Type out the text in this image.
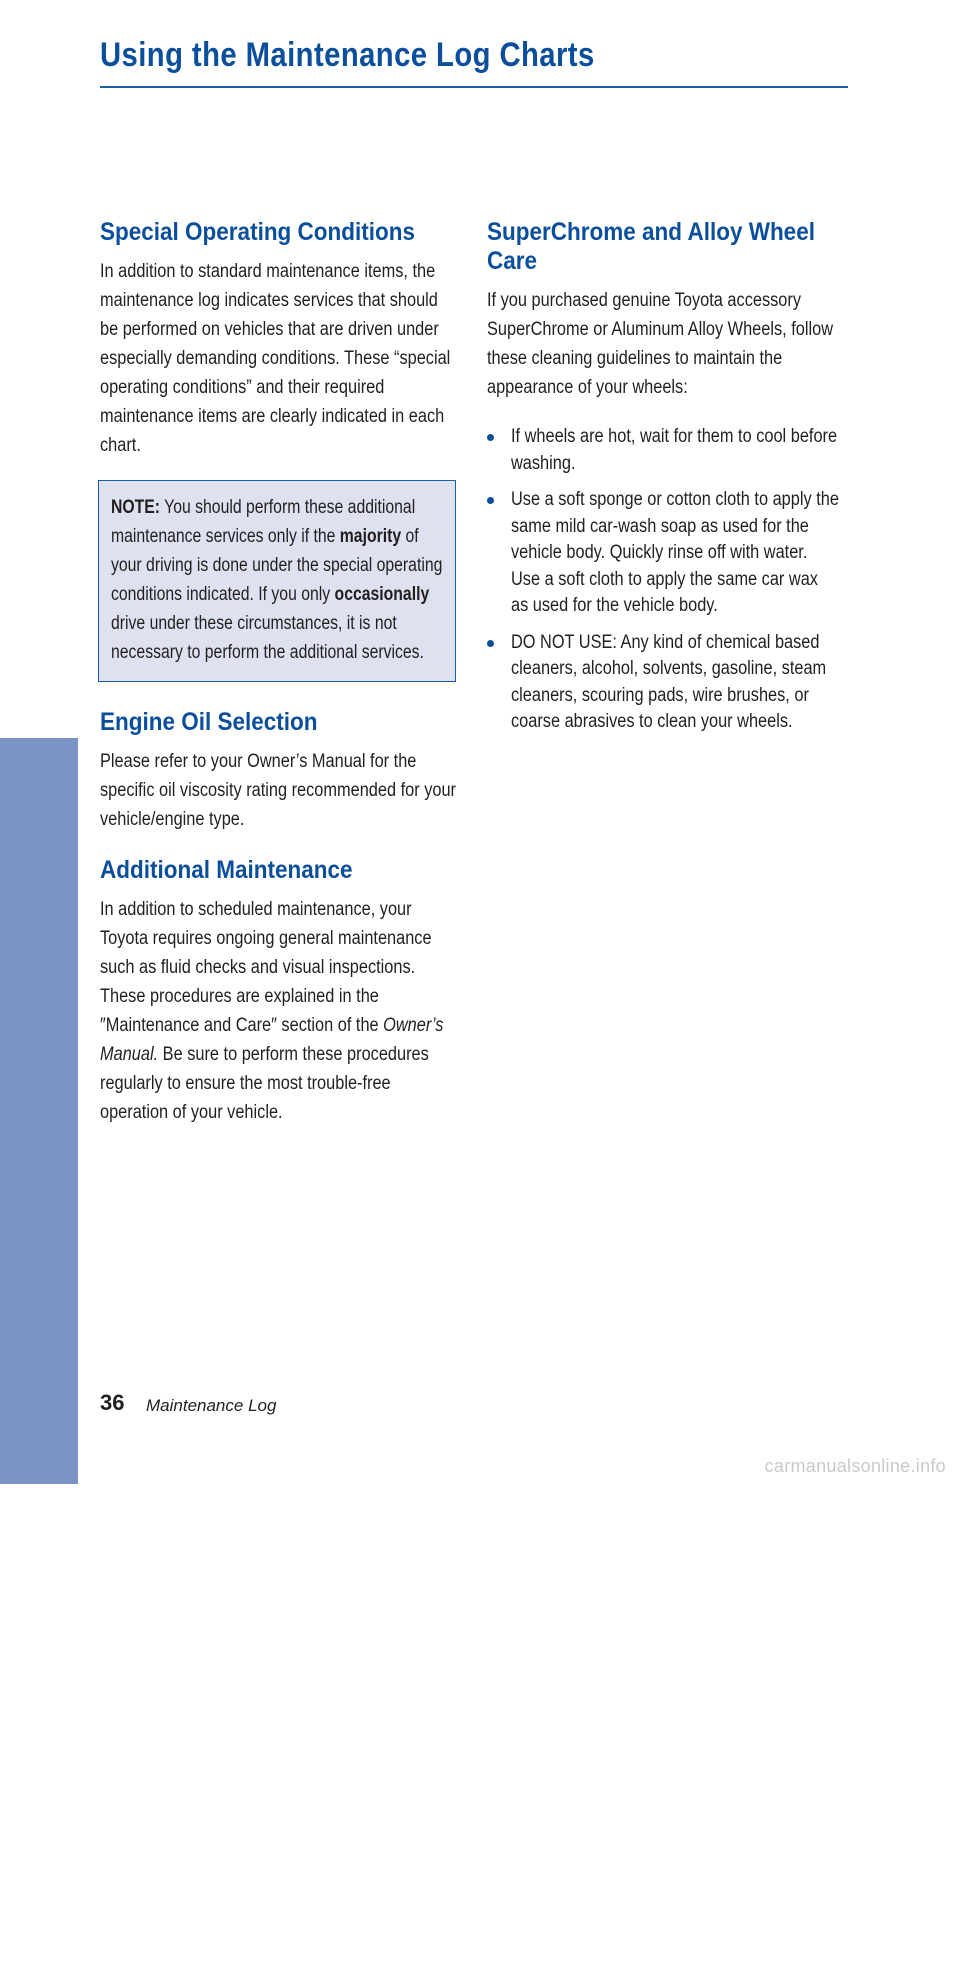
Using the Maintenance Log Charts
MAINTENANCE
Special Operating Conditions

In addition to standard maintenance items, the maintenance log indicates services that should be performed on vehicles that are driven under especially demanding conditions. These “special operating conditions” and their required maintenance items are clearly indicated in each chart.

NOTE: You should perform these additional maintenance services only if the majority of your driving is done under the special operating conditions indicated. If you only occasionally drive under these circumstances, it is not necessary to perform the additional services.

Engine Oil Selection

Please refer to your Owner’s Manual for the specific oil viscosity rating recommended for your vehicle/engine type.

Additional Maintenance

In addition to scheduled maintenance, your Toyota requires ongoing general maintenance such as fluid checks and visual inspections. These procedures are explained in the ″Maintenance and Care″ section of the Owner’s Manual. Be sure to perform these procedures regularly to ensure the most trouble-free operation of your vehicle.

SuperChrome and Alloy Wheel Care

If you purchased genuine Toyota accessory SuperChrome or Aluminum Alloy Wheels, follow these cleaning guidelines to maintain the appearance of your wheels:

If wheels are hot, wait for them to cool before washing.

Use a soft sponge or cotton cloth to apply the same mild car-wash soap as used for the vehicle body. Quickly rinse off with water. Use a soft cloth to apply the same car wax as used for the vehicle body.

DO NOT USE: Any kind of chemical based cleaners, alcohol, solvents, gasoline, steam cleaners, scouring pads, wire brushes, or coarse abrasives to clean your wheels.

36 Maintenance Log

carmanualsonline.info
